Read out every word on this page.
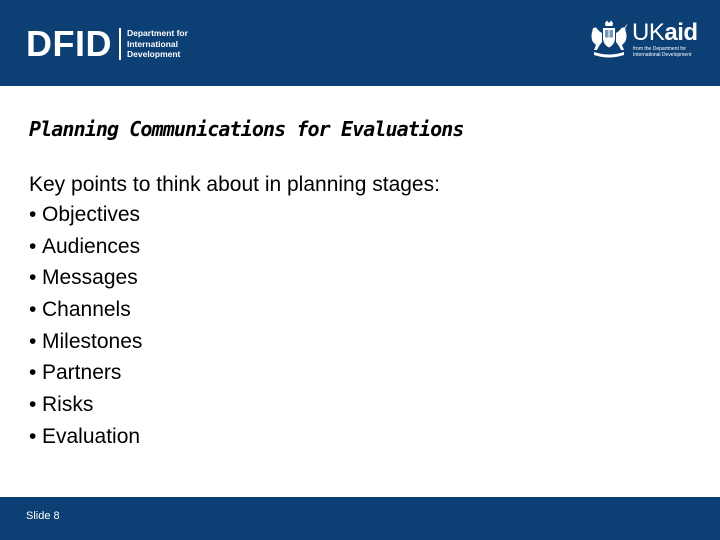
DFID Department for
International
Development
UKaid
from the Department for
International Development
Planning Communications for Evaluations

Key points to think about in planning stages:

• Objectives
• Audiences
• Messages
• Channels
• Milestones
• Partners
• Risks
• Evaluation
Slide 8
